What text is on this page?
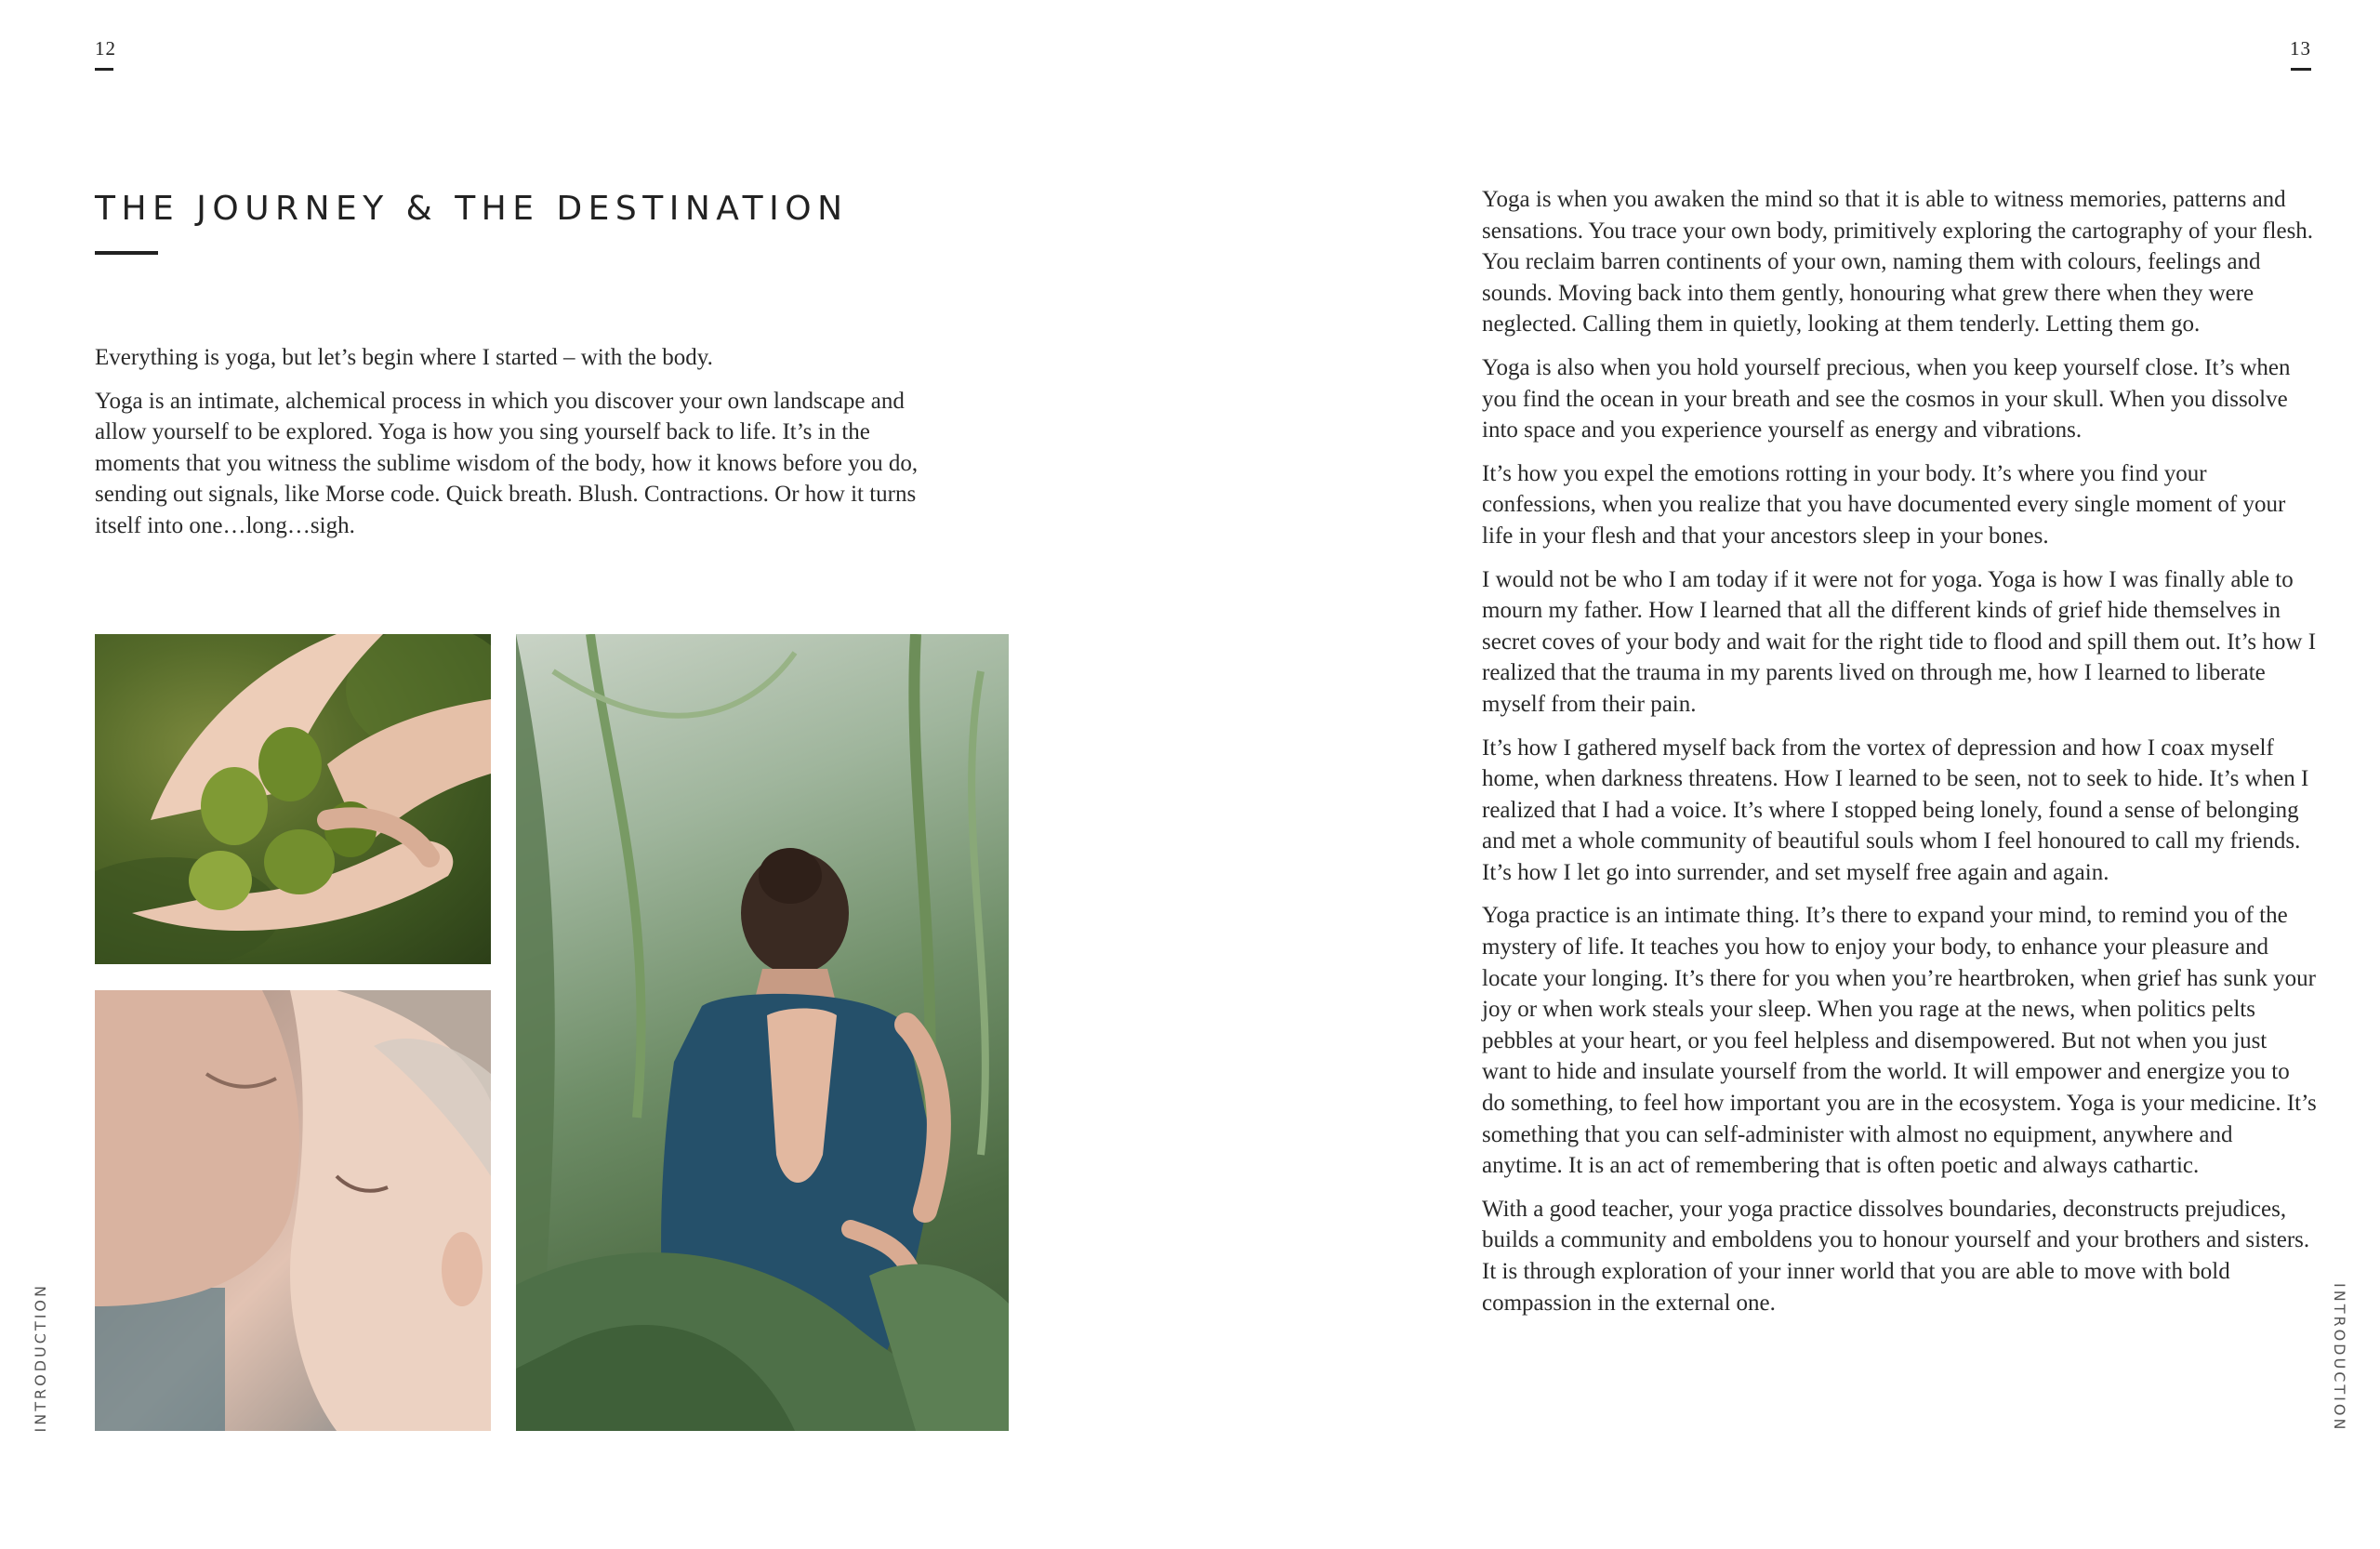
12
THE JOURNEY & THE DESTINATION

Everything is yoga, but let’s begin where I started – with the body.

Yoga is an intimate, alchemical process in which you discover your own landscape and allow yourself to be explored. Yoga is how you sing yourself back to life. It’s in the moments that you witness the sublime wisdom of the body, how it knows before you do, sending out signals, like Morse code. Quick breath. Blush. Contractions. Or how it turns itself into one…long…sigh.

INTRODUCTION
13

Yoga is when you awaken the mind so that it is able to witness memories, patterns and sensations. You trace your own body, primitively exploring the cartography of your flesh. You reclaim barren continents of your own, naming them with colours, feelings and sounds. Moving back into them gently, honouring what grew there when they were neglected. Calling them in quietly, looking at them tenderly. Letting them go.

Yoga is also when you hold yourself precious, when you keep yourself close. It’s when you find the ocean in your breath and see the cosmos in your skull. When you dissolve into space and you experience yourself as energy and vibrations.

It’s how you expel the emotions rotting in your body. It’s where you find your confessions, when you realize that you have documented every single moment of your life in your flesh and that your ancestors sleep in your bones.

I would not be who I am today if it were not for yoga. Yoga is how I was finally able to mourn my father. How I learned that all the different kinds of grief hide themselves in secret coves of your body and wait for the right tide to flood and spill them out. It’s how I realized that the trauma in my parents lived on through me, how I learned to liberate myself from their pain.

It’s how I gathered myself back from the vortex of depression and how I coax myself home, when darkness threatens. How I learned to be seen, not to seek to hide. It’s when I realized that I had a voice. It’s where I stopped being lonely, found a sense of belonging and met a whole community of beautiful souls whom I feel honoured to call my friends. It’s how I let go into surrender, and set myself free again and again.

Yoga practice is an intimate thing. It’s there to expand your mind, to remind you of the mystery of life. It teaches you how to enjoy your body, to enhance your pleasure and locate your longing. It’s there for you when you’re heartbroken, when grief has sunk your joy or when work steals your sleep. When you rage at the news, when politics pelts pebbles at your heart, or you feel helpless and disempowered. But not when you just want to hide and insulate yourself from the world. It will empower and energize you to do something, to feel how important you are in the ecosystem. Yoga is your medicine. It’s something that you can self-administer with almost no equipment, anywhere and anytime. It is an act of remembering that is often poetic and always cathartic.

With a good teacher, your yoga practice dissolves boundaries, deconstructs prejudices, builds a community and emboldens you to honour yourself and your brothers and sisters. It is through exploration of your inner world that you are able to move with bold compassion in the external one.	INTRODUCTION
